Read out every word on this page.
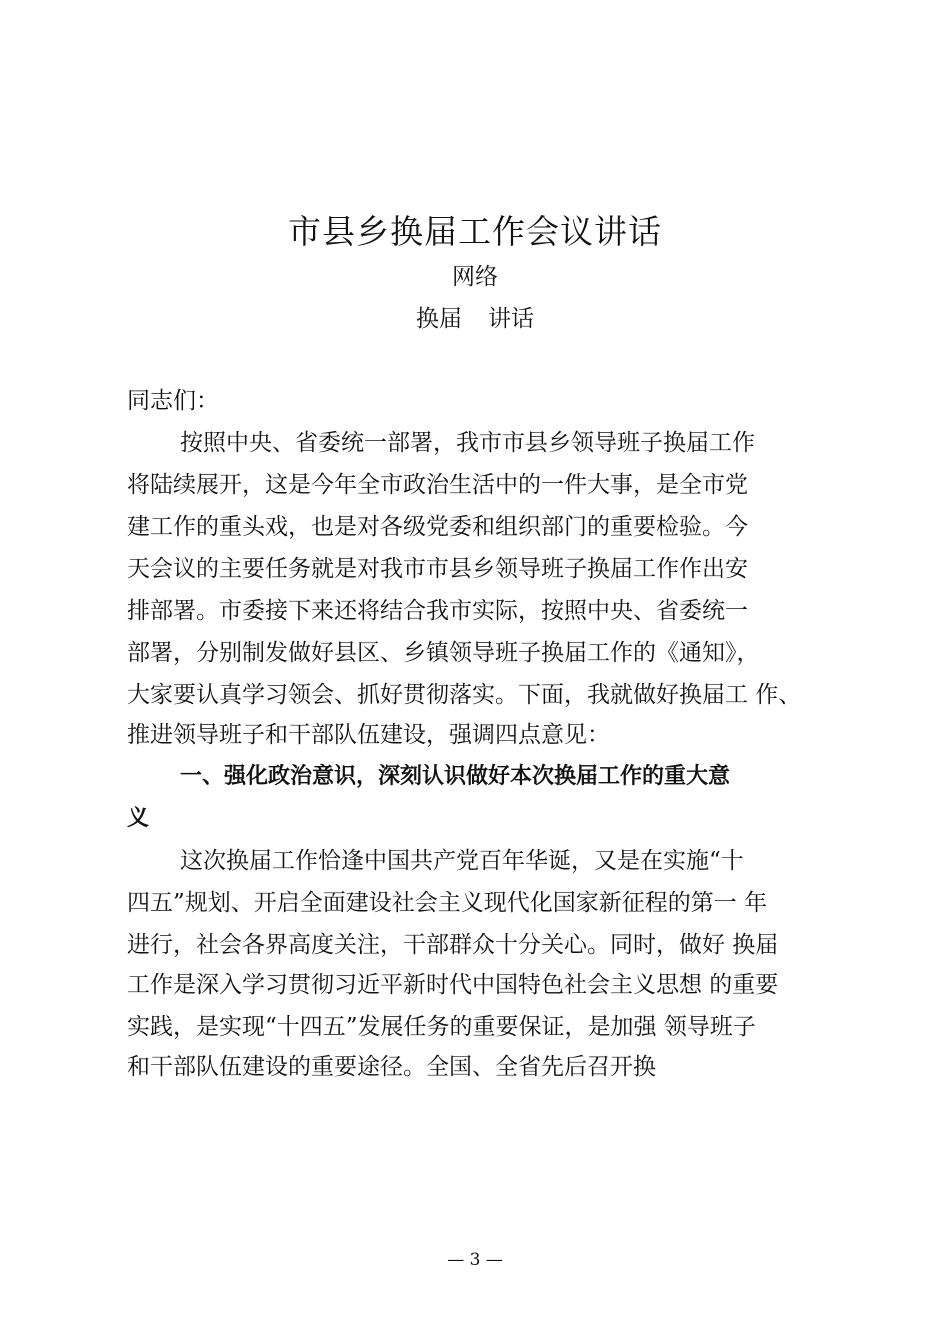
市县乡换届工作会议讲话
网络
换届 讲话
同志们：
按照中央、省委统一部署，我市市县乡领导班子换届工作
将陆续展开，这是今年全市政治生活中的一件大事，是全市党
建工作的重头戏，也是对各级党委和组织部门的重要检验。今
天会议的主要任务就是对我市市县乡领导班子换届工作作出安
排部署。市委接下来还将结合我市实际，按照中央、省委统一
部署，分别制发做好县区、乡镇领导班子换届工作的《通知》，
大家要认真学习领会、抓好贯彻落实。下面，我就做好换届工 作、
推进领导班子和干部队伍建设，强调四点意见：
一、强化政治意识，深刻认识做好本次换届工作的重大意
义
这次换届工作恰逢中国共产党百年华诞，又是在实施“十
四五”规划、开启全面建设社会主义现代化国家新征程的第一 年
进行，社会各界高度关注，干部群众十分关心。同时，做好 换届
工作是深入学习贯彻习近平新时代中国特色社会主义思想 的重要
实践，是实现“十四五”发展任务的重要保证，是加强 领导班子
和干部队伍建设的重要途径。全国、全省先后召开换
— 3 —
